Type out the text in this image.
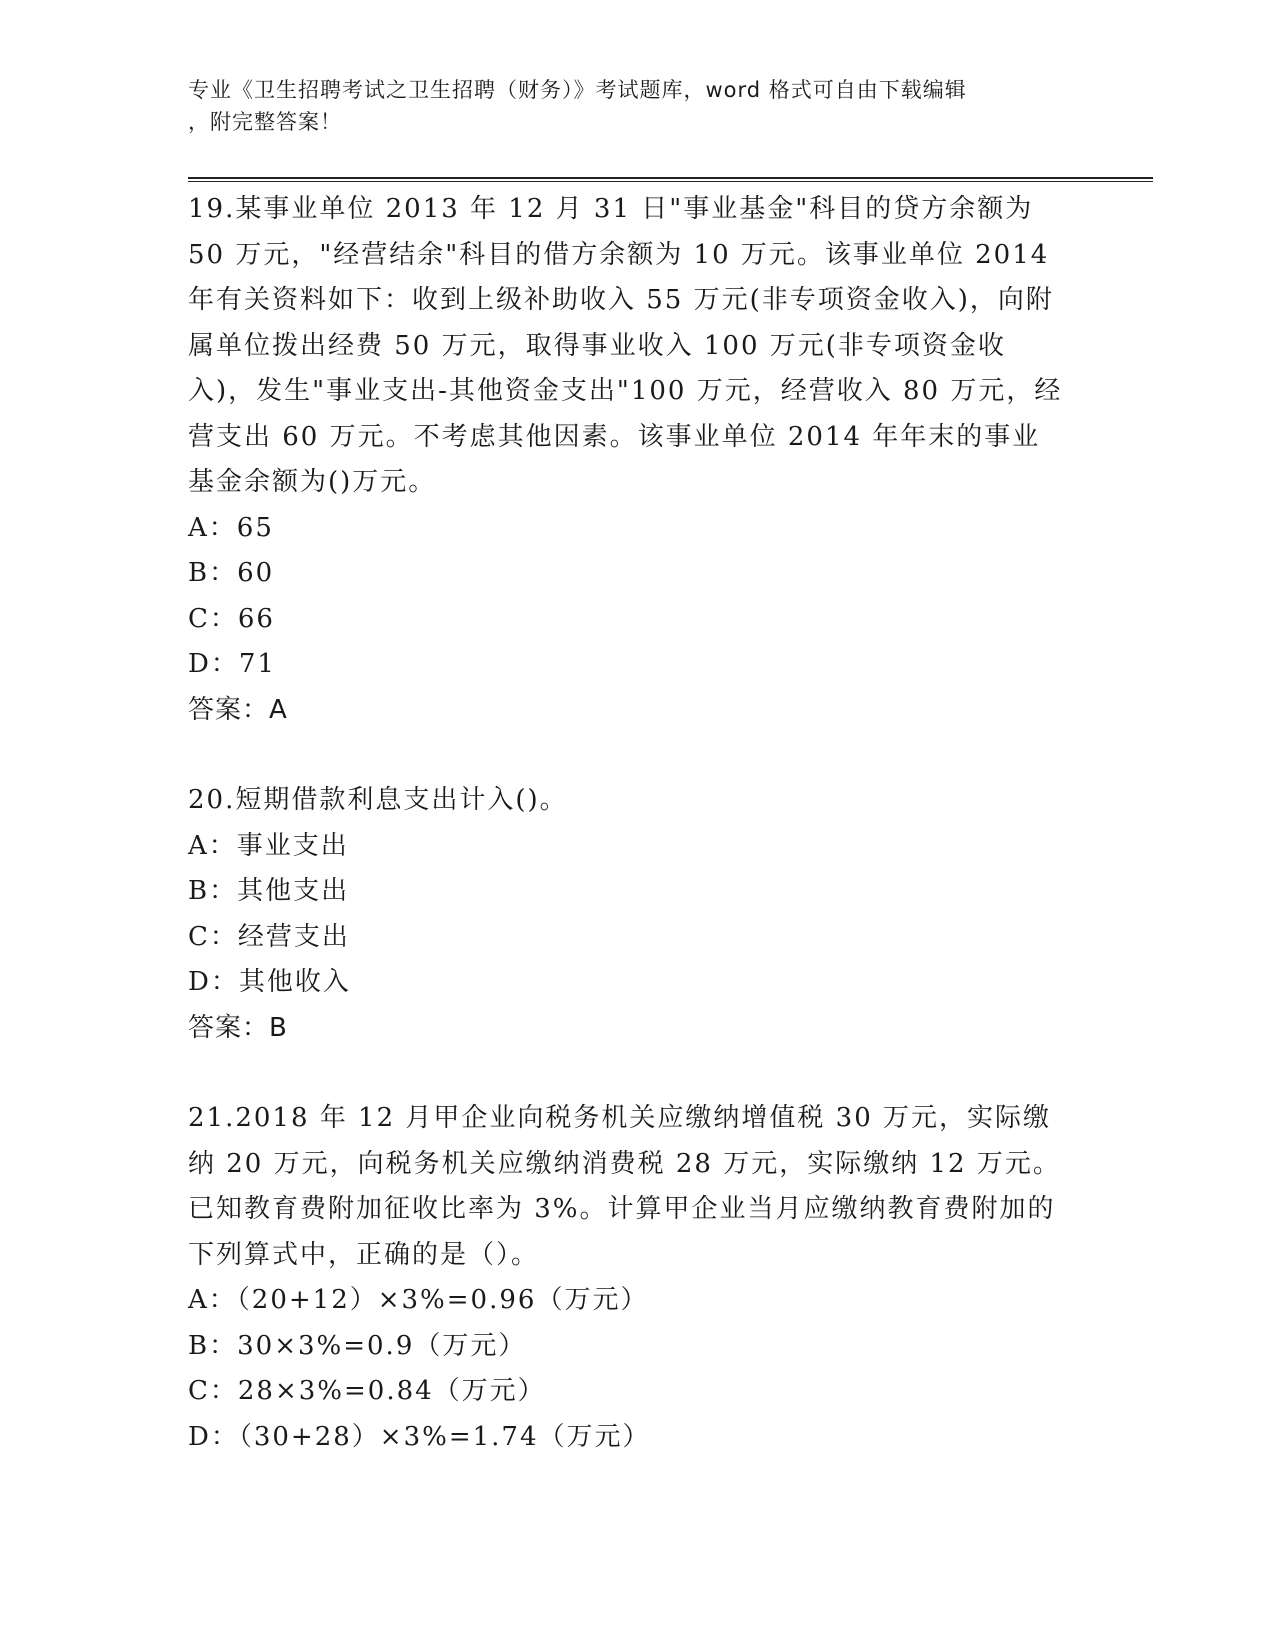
专业《卫生招聘考试之卫生招聘（财务）》考试题库，word 格式可自由下载编辑
，附完整答案！
19.某事业单位 2013 年 12 月 31 日"事业基金"科目的贷方余额为 50 万元，"经营结余"科目的借方余额为 10 万元。该事业单位 2014 年有关资料如下：收到上级补助收入 55 万元(非专项资金收入)，向附属单位拨出经费 50 万元，取得事业收入 100 万元(非专项资金收入)，发生"事业支出-其他资金支出"100 万元，经营收入 80 万元，经营支出 60 万元。不考虑其他因素。该事业单位 2014 年年末的事业基金余额为()万元。
A：65
B：60
C：66
D：71
答案：A
20.短期借款利息支出计入()。
A：事业支出
B：其他支出
C：经营支出
D：其他收入
答案：B
21.2018 年 12 月甲企业向税务机关应缴纳增值税 30 万元，实际缴纳 20 万元，向税务机关应缴纳消费税 28 万元，实际缴纳 12 万元。已知教育费附加征收比率为 3%。计算甲企业当月应缴纳教育费附加的下列算式中，正确的是（）。
A：（20+12）×3%=0.96（万元）
B：30×3%=0.9（万元）
C：28×3%=0.84（万元）
D：（30+28）×3%=1.74（万元）
